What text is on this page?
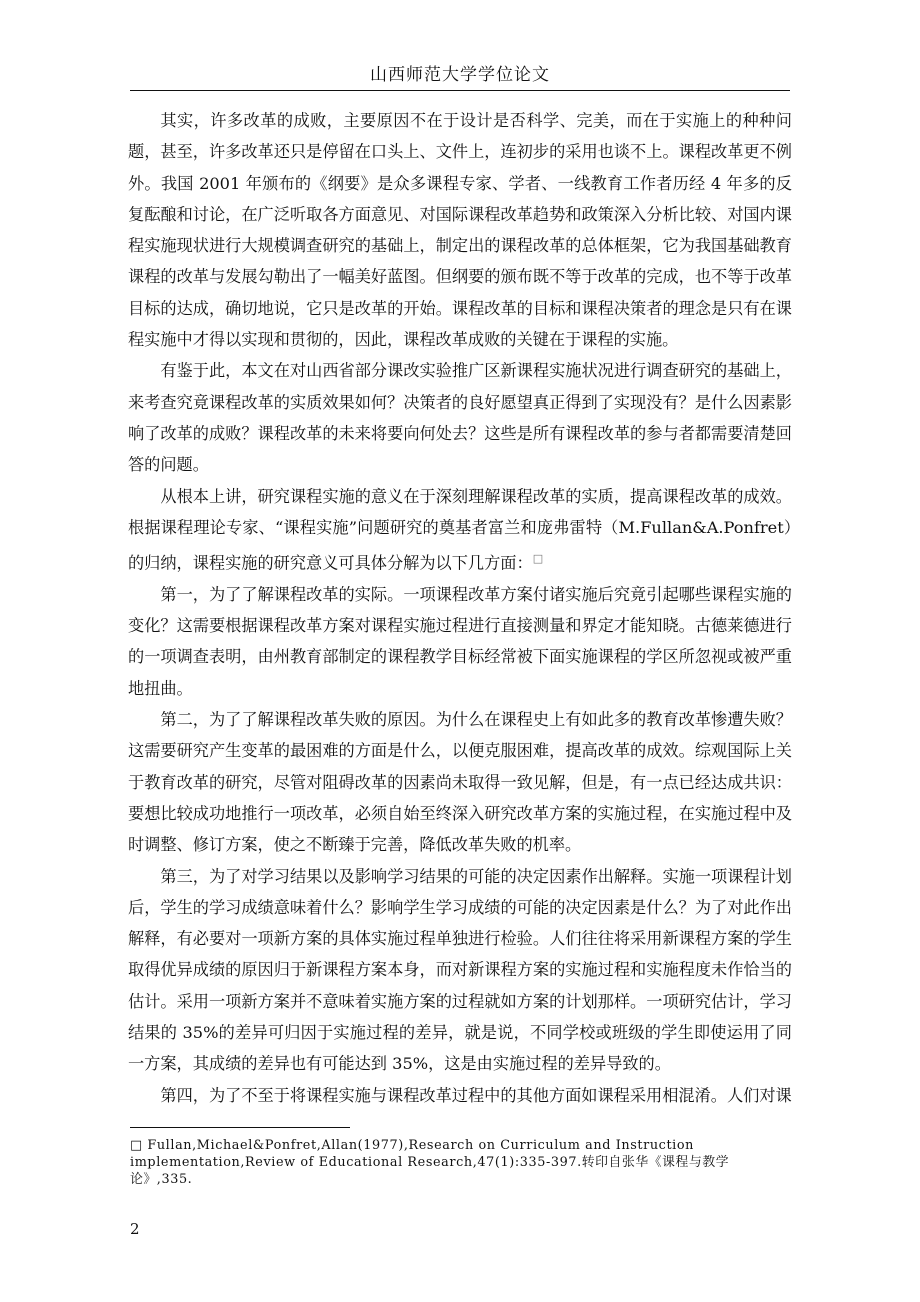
山西师范大学学位论文

其实，许多改革的成败，主要原因不在于设计是否科学、完美，而在于实施上的种种问题，甚至，许多改革还只是停留在口头上、文件上，连初步的采用也谈不上。课程改革更不例外。我国 2001 年颁布的《纲要》是众多课程专家、学者、一线教育工作者历经 4 年多的反复酝酿和讨论，在广泛听取各方面意见、对国际课程改革趋势和政策深入分析比较、对国内课程实施现状进行大规模调查研究的基础上，制定出的课程改革的总体框架，它为我国基础教育课程的改革与发展勾勒出了一幅美好蓝图。但纲要的颁布既不等于改革的完成，也不等于改革目标的达成，确切地说，它只是改革的开始。课程改革的目标和课程决策者的理念是只有在课程实施中才得以实现和贯彻的，因此，课程改革成败的关键在于课程的实施。

有鉴于此，本文在对山西省部分课改实验推广区新课程实施状况进行调查研究的基础上，来考查究竟课程改革的实质效果如何？决策者的良好愿望真正得到了实现没有？是什么因素影响了改革的成败？课程改革的未来将要向何处去？这些是所有课程改革的参与者都需要清楚回答的问题。

从根本上讲，研究课程实施的意义在于深刻理解课程改革的实质，提高课程改革的成效。根据课程理论专家、“课程实施”问题研究的奠基者富兰和庞弗雷特（M.Fullan&A.Ponfret）的归纳，课程实施的研究意义可具体分解为以下几方面：□

第一，为了了解课程改革的实际。一项课程改革方案付诸实施后究竟引起哪些课程实施的变化？这需要根据课程改革方案对课程实施过程进行直接测量和界定才能知晓。古德莱德进行的一项调查表明，由州教育部制定的课程教学目标经常被下面实施课程的学区所忽视或被严重地扭曲。

第二，为了了解课程改革失败的原因。为什么在课程史上有如此多的教育改革惨遭失败？这需要研究产生变革的最困难的方面是什么，以便克服困难，提高改革的成效。综观国际上关于教育改革的研究，尽管对阻碍改革的因素尚未取得一致见解，但是，有一点已经达成共识：要想比较成功地推行一项改革，必须自始至终深入研究改革方案的实施过程，在实施过程中及时调整、修订方案，使之不断臻于完善，降低改革失败的机率。

第三，为了对学习结果以及影响学习结果的可能的决定因素作出解释。实施一项课程计划后，学生的学习成绩意味着什么？影响学生学习成绩的可能的决定因素是什么？为了对此作出解释，有必要对一项新方案的具体实施过程单独进行检验。人们往往将采用新课程方案的学生取得优异成绩的原因归于新课程方案本身，而对新课程方案的实施过程和实施程度未作恰当的估计。采用一项新方案并不意味着实施方案的过程就如方案的计划那样。一项研究估计，学习结果的 35%的差异可归因于实施过程的差异，就是说，不同学校或班级的学生即使运用了同一方案，其成绩的差异也有可能达到 35%，这是由实施过程的差异导致的。

第四，为了不至于将课程实施与课程改革过程中的其他方面如课程采用相混淆。人们对课

□ Fullan,Michael&Ponfret,Allan(1977),Research on Curriculum and Instruction implementation,Review of Educational Research,47(1):335-397.转印自张华《课程与教学论》,335.
2
